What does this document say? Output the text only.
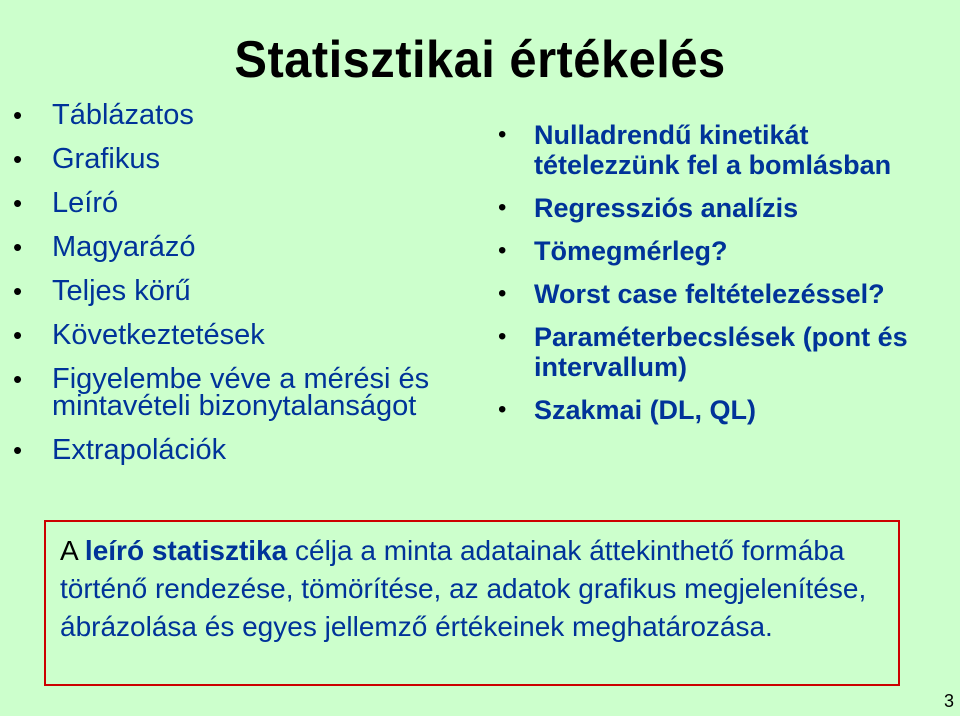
Statisztikai értékelés
• Táblázatos
• Grafikus
• Leíró
• Magyarázó
• Teljes körű
• Következtetések
• Figyelembe véve a mérési és mintavételi bizonytalanságot
• Extrapolációk
• Nulladrendű kinetikát tételezzünk fel a bomlásban
• Regressziós analízis
• Tömegmérleg?
• Worst case feltételezéssel?
• Paraméterbecslések (pont és intervallum)
• Szakmai (DL, QL)
A leíró statisztika célja a minta adatainak áttekinthető formába történő rendezése, tömörítése, az adatok grafikus megjelenítése, ábrázolása és egyes jellemző értékeinek meghatározása.
3
